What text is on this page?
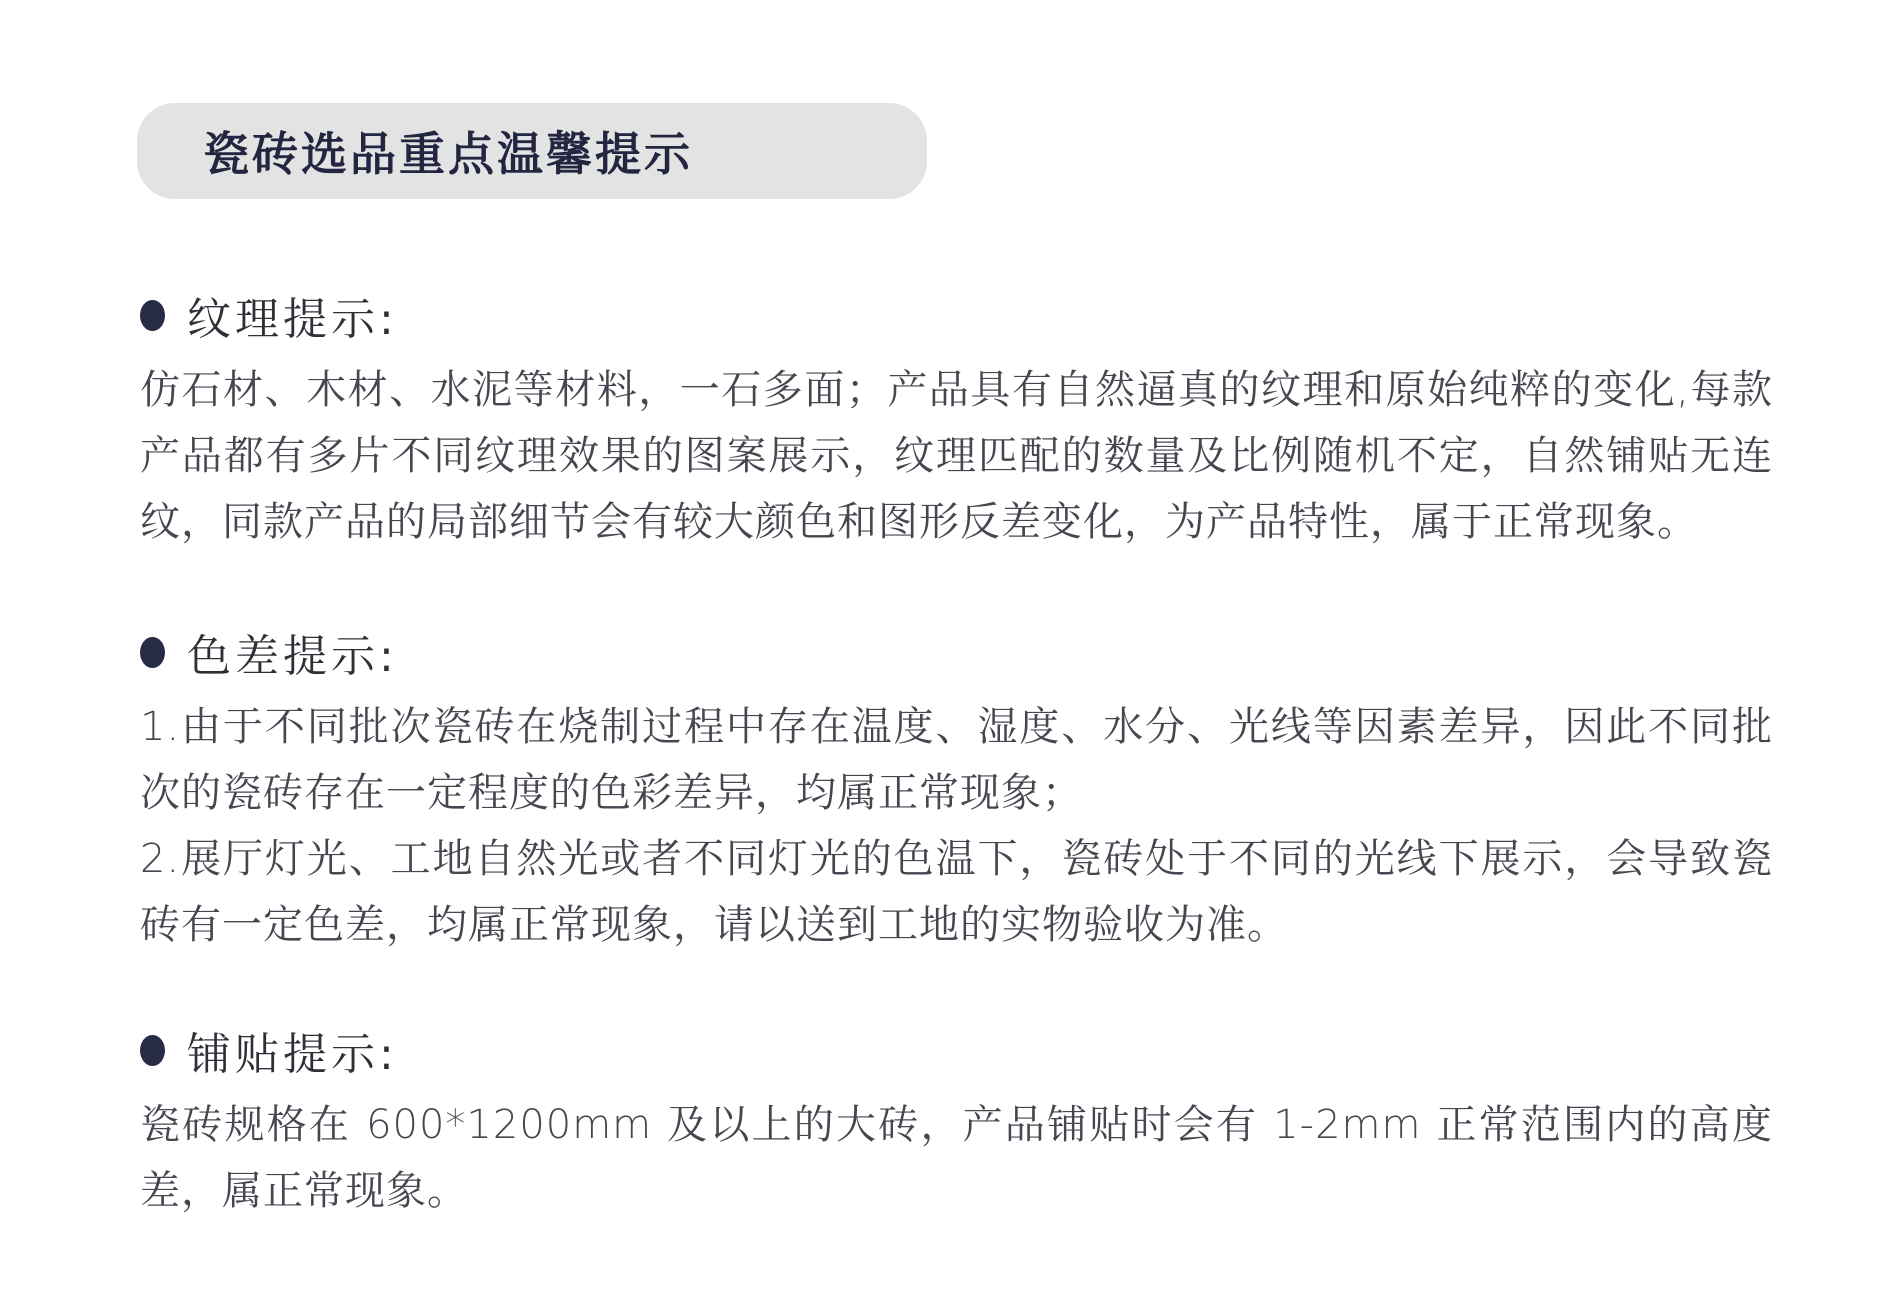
瓷砖选品重点温馨提示
纹理提示:

仿石材、木材、水泥等材料，一石多面；产品具有自然逼真的纹理和原始纯粹的变化,每款产品都有多片不同纹理效果的图案展示，纹理匹配的数量及比例随机不定，自然铺贴无连纹，同款产品的局部细节会有较大颜色和图形反差变化，为产品特性，属于正常现象。

色差提示:

1.由于不同批次瓷砖在烧制过程中存在温度、湿度、水分、光线等因素差异，因此不同批次的瓷砖存在一定程度的色彩差异，均属正常现象；

2.展厅灯光、工地自然光或者不同灯光的色温下，瓷砖处于不同的光线下展示，会导致瓷砖有一定色差，均属正常现象，请以送到工地的实物验收为准。

铺贴提示:

瓷砖规格在 600*1200mm 及以上的大砖，产品铺贴时会有 1-2mm 正常范围内的高度差，属正常现象。
